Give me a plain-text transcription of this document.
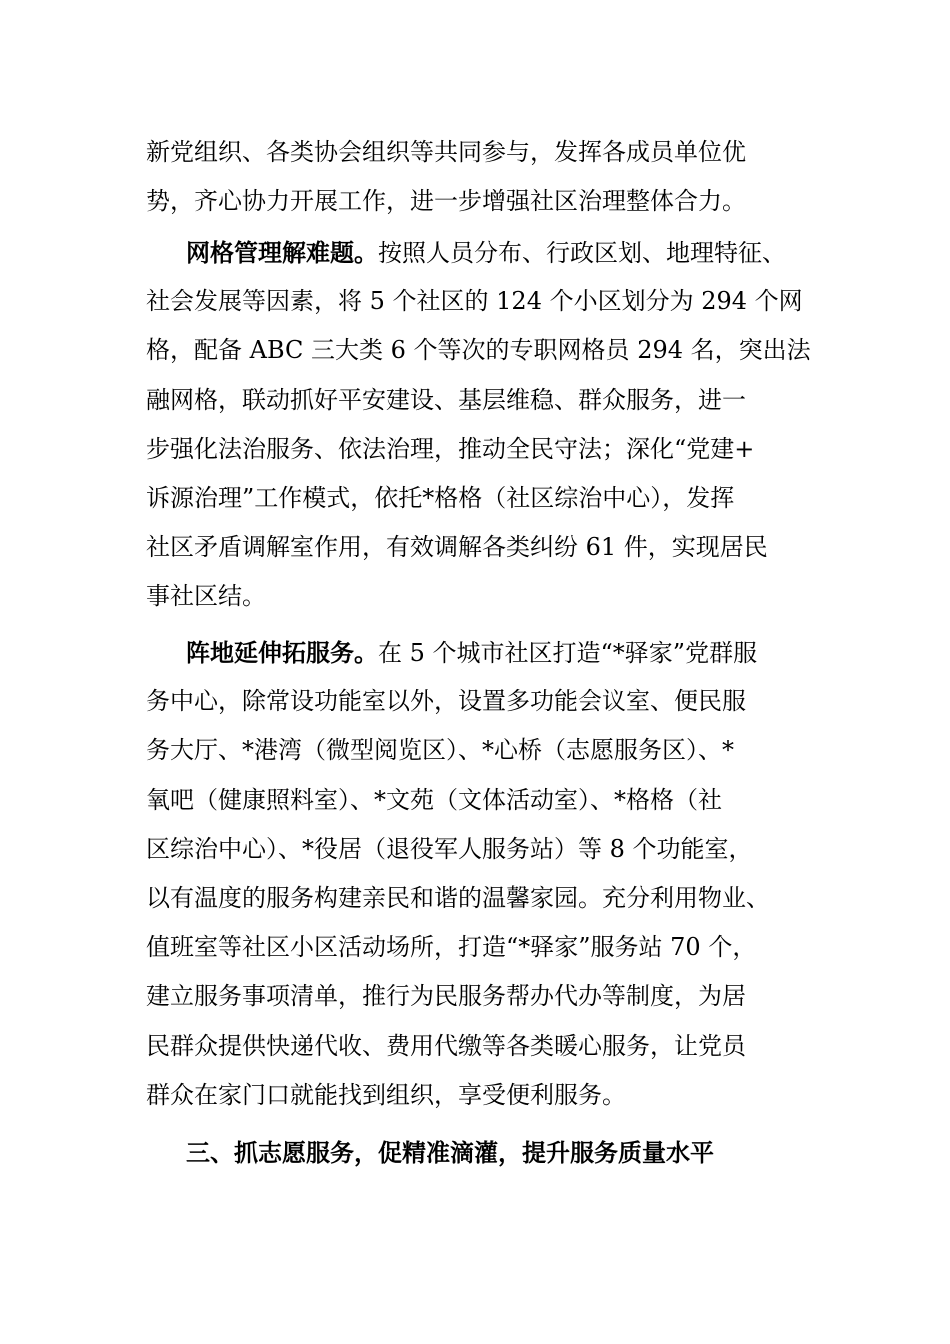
新党组织、各类协会组织等共同参与，发挥各成员单位优
势，齐心协力开展工作，进一步增强社区治理整体合力。
网格管理解难题。按照人员分布、行政区划、地理特征、
社会发展等因素，将 5 个社区的 124 个小区划分为 294 个网
格，配备 ABC 三大类 6 个等次的专职网格员 294 名，突出法
融网格，联动抓好平安建设、基层维稳、群众服务，进一
步强化法治服务、依法治理，推动全民守法；深化“党建+
诉源治理”工作模式，依托*格格（社区综治中心），发挥
社区矛盾调解室作用，有效调解各类纠纷 61 件，实现居民
事社区结。
阵地延伸拓服务。在 5 个城市社区打造“*驿家”党群服
务中心，除常设功能室以外，设置多功能会议室、便民服
务大厅、*港湾（微型阅览区）、*心桥（志愿服务区）、*
氧吧（健康照料室）、*文苑（文体活动室）、*格格（社
区综治中心）、*役居（退役军人服务站）等 8 个功能室，
以有温度的服务构建亲民和谐的温馨家园。充分利用物业、
值班室等社区小区活动场所，打造“*驿家”服务站 70 个，
建立服务事项清单，推行为民服务帮办代办等制度，为居
民群众提供快递代收、费用代缴等各类暖心服务，让党员
群众在家门口就能找到组织，享受便利服务。
三、抓志愿服务，促精准滴灌，提升服务质量水平
